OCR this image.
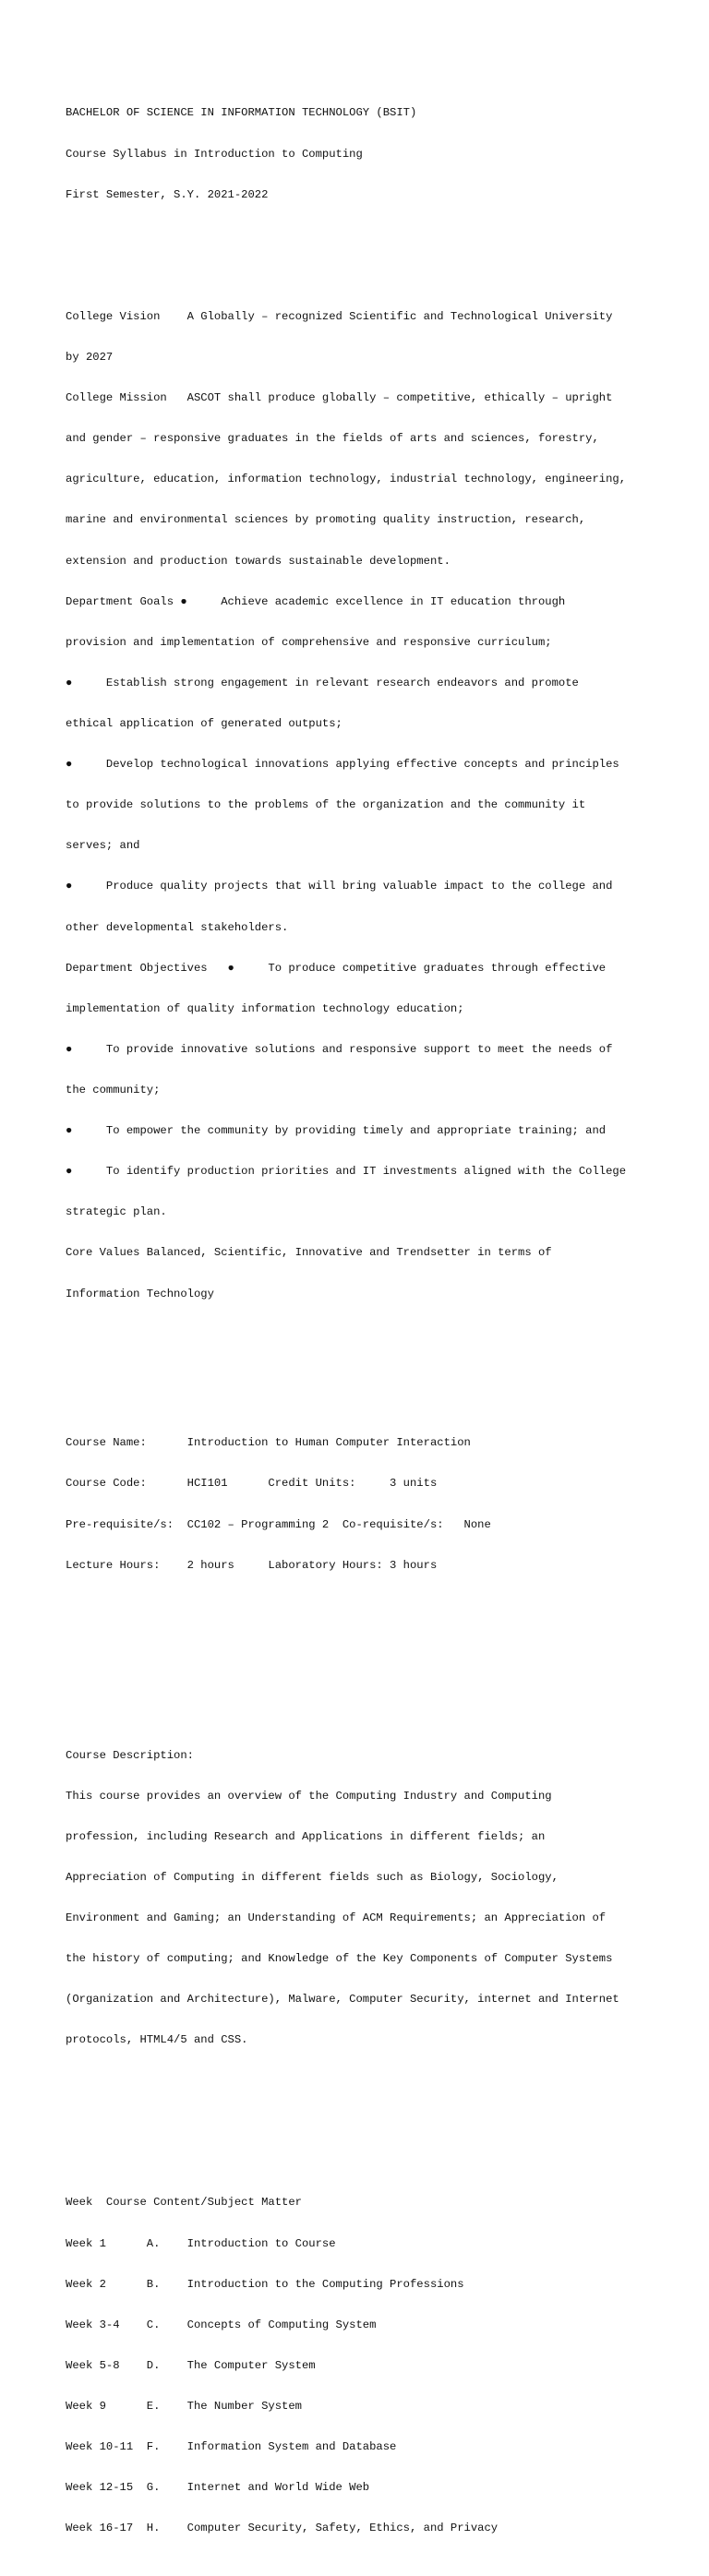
BACHELOR OF SCIENCE IN INFORMATION TECHNOLOGY (BSIT)

Course Syllabus in Introduction to Computing

First Semester, S.Y. 2021-2022

College Vision    A Globally – recognized Scientific and Technological University

by 2027

College Mission   ASCOT shall produce globally – competitive, ethically – upright

and gender – responsive graduates in the fields of arts and sciences, forestry,

agriculture, education, information technology, industrial technology, engineering,

marine and environmental sciences by promoting quality instruction, research,

extension and production towards sustainable development.

Department Goals ●     Achieve academic excellence in IT education through

provision and implementation of comprehensive and responsive curriculum;

●     Establish strong engagement in relevant research endeavors and promote

ethical application of generated outputs;

●     Develop technological innovations applying effective concepts and principles

to provide solutions to the problems of the organization and the community it

serves; and

●     Produce quality projects that will bring valuable impact to the college and

other developmental stakeholders.

Department Objectives   ●     To produce competitive graduates through effective

implementation of quality information technology education;

●     To provide innovative solutions and responsive support to meet the needs of

the community;

●     To empower the community by providing timely and appropriate training; and

●     To identify production priorities and IT investments aligned with the College

strategic plan.

Core Values Balanced, Scientific, Innovative and Trendsetter in terms of

Information Technology

Course Name:      Introduction to Human Computer Interaction

Course Code:      HCI101      Credit Units:     3 units

Pre-requisite/s:  CC102 – Programming 2  Co-requisite/s:   None

Lecture Hours:    2 hours     Laboratory Hours: 3 hours

Course Description:

This course provides an overview of the Computing Industry and Computing

profession, including Research and Applications in different fields; an

Appreciation of Computing in different fields such as Biology, Sociology,

Environment and Gaming; an Understanding of ACM Requirements; an Appreciation of

the history of computing; and Knowledge of the Key Components of Computer Systems

(Organization and Architecture), Malware, Computer Security, internet and Internet

protocols, HTML4/5 and CSS.

Week  Course Content/Subject Matter

Week 1      A.    Introduction to Course

Week 2      B.    Introduction to the Computing Professions

Week 3-4    C.    Concepts of Computing System

Week 5-8    D.    The Computer System

Week 9      E.    The Number System

Week 10-11  F.    Information System and Database

Week 12-15  G.    Internet and World Wide Web

Week 16-17  H.    Computer Security, Safety, Ethics, and Privacy
